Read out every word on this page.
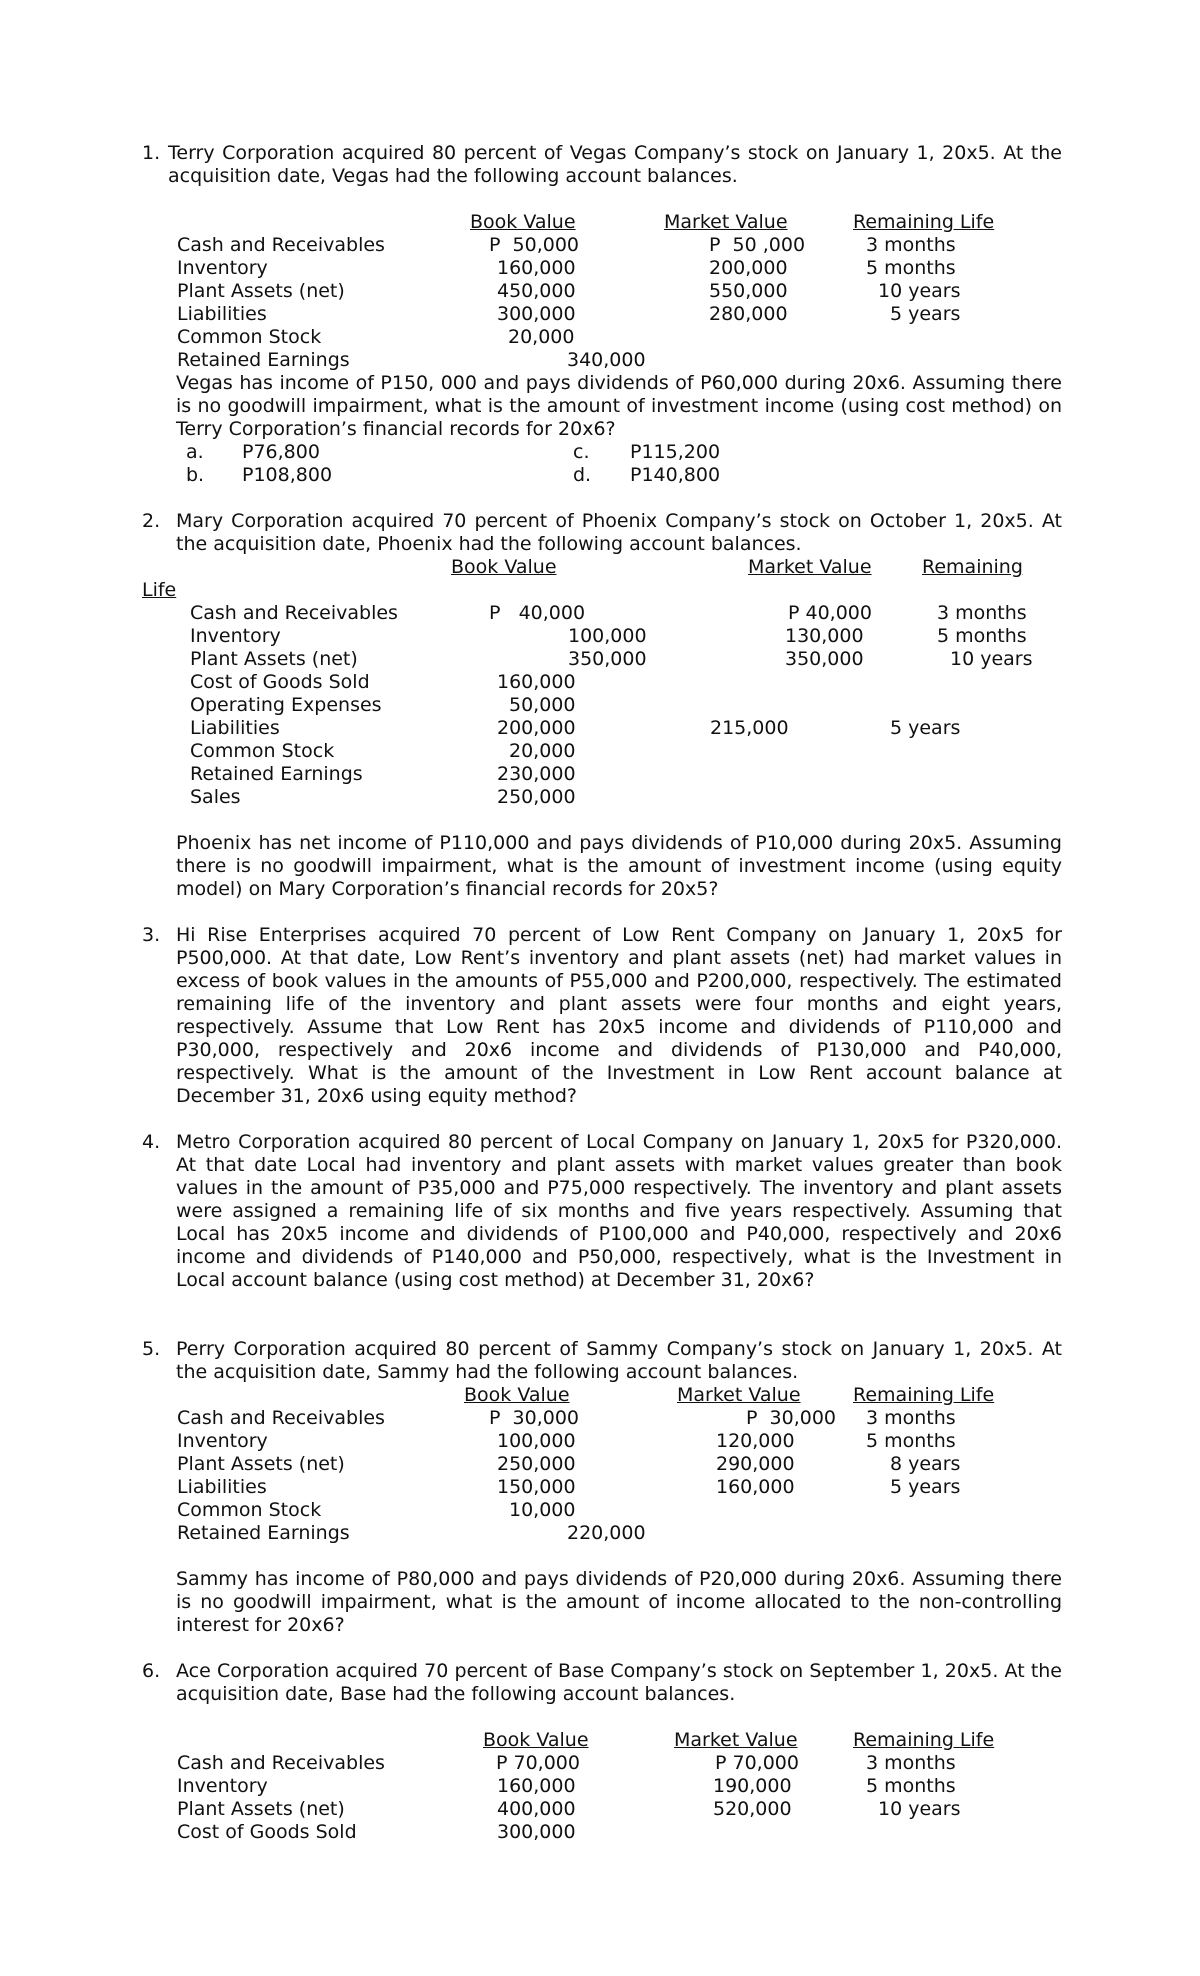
1. Terry Corporation acquired 80 percent of Vegas Company’s stock on January 1, 20x5. At the acquisition date, Vegas had the following account balances.

Book Value	Market Value	Remaining Life
Cash and Receivables	P  50,000	P  50 ,000	3 months
Inventory	160,000	200,000	5 months
Plant Assets (net)	450,000	550,000	10 years
Liabilities	300,000	280,000	5 years
Common Stock	20,000
Retained Earnings	340,000

Vegas has income of P150, 000 and pays dividends of P60,000 during 20x6. Assuming there is no goodwill impairment, what is the amount of investment income (using cost method) on Terry Corporation’s financial records for 20x6?

a. P76,800	c. P115,200
b. P108,800	d. P140,800
2. Mary Corporation acquired 70 percent of Phoenix Company’s stock on October 1, 20x5. At the acquisition date, Phoenix had the following account balances.

Book Value	Market Value	Remaining
Life
Cash and Receivables	P   40,000	P 40,000	3 months
Inventory	100,000	130,000	5 months
Plant Assets (net)	350,000	350,000	10 years
Cost of Goods Sold	160,000
Operating Expenses	50,000
Liabilities	200,000	215,000	5 years
Common Stock	20,000
Retained Earnings	230,000
Sales	250,000

Phoenix has net income of P110,000 and pays dividends of P10,000 during 20x5. Assuming there is no goodwill impairment, what is the amount of investment income (using equity model) on Mary Corporation’s financial records for 20x5?

3. Hi Rise Enterprises acquired 70 percent of Low Rent Company on January 1, 20x5 for P500,000. At that date, Low Rent’s inventory and plant assets (net) had market values in excess of book values in the amounts of P55,000 and P200,000, respectively. The estimated remaining life of the inventory and plant assets were four months and eight years, respectively. Assume that Low Rent has 20x5 income and dividends of P110,000 and P30,000, respectively and 20x6 income and dividends of P130,000 and P40,000, respectively. What is the amount of the Investment in Low Rent account balance at December 31, 20x6 using equity method?

4. Metro Corporation acquired 80 percent of Local Company on January 1, 20x5 for P320,000. At that date Local had inventory and plant assets with market values greater than book values in the amount of P35,000 and P75,000 respectively. The inventory and plant assets were assigned a remaining life of six months and five years respectively. Assuming that Local has 20x5 income and dividends of P100,000 and P40,000, respectively and 20x6 income and dividends of P140,000 and P50,000, respectively, what is the Investment in Local account balance (using cost method) at December 31, 20x6?

5. Perry Corporation acquired 80 percent of Sammy Company’s stock on January 1, 20x5. At the acquisition date, Sammy had the following account balances.

Book Value	Market Value	Remaining Life
Cash and Receivables	P  30,000	P  30,000 3 months
Inventory	100,000	120,000	5 months
Plant Assets (net)	250,000	290,000	8 years
Liabilities	150,000	160,000	5 years
Common Stock	10,000
Retained Earnings	220,000

Sammy has income of P80,000 and pays dividends of P20,000 during 20x6. Assuming there is no goodwill impairment, what is the amount of income allocated to the non-controlling interest for 20x6?

6. Ace Corporation acquired 70 percent of Base Company’s stock on September 1, 20x5. At the acquisition date, Base had the following account balances.

Book Value	Market Value	Remaining Life
Cash and Receivables	P 70,000	P 70,000	3 months
Inventory	160,000	190,000	5 months
Plant Assets (net)	400,000	520,000	10 years
Cost of Goods Sold	300,000
